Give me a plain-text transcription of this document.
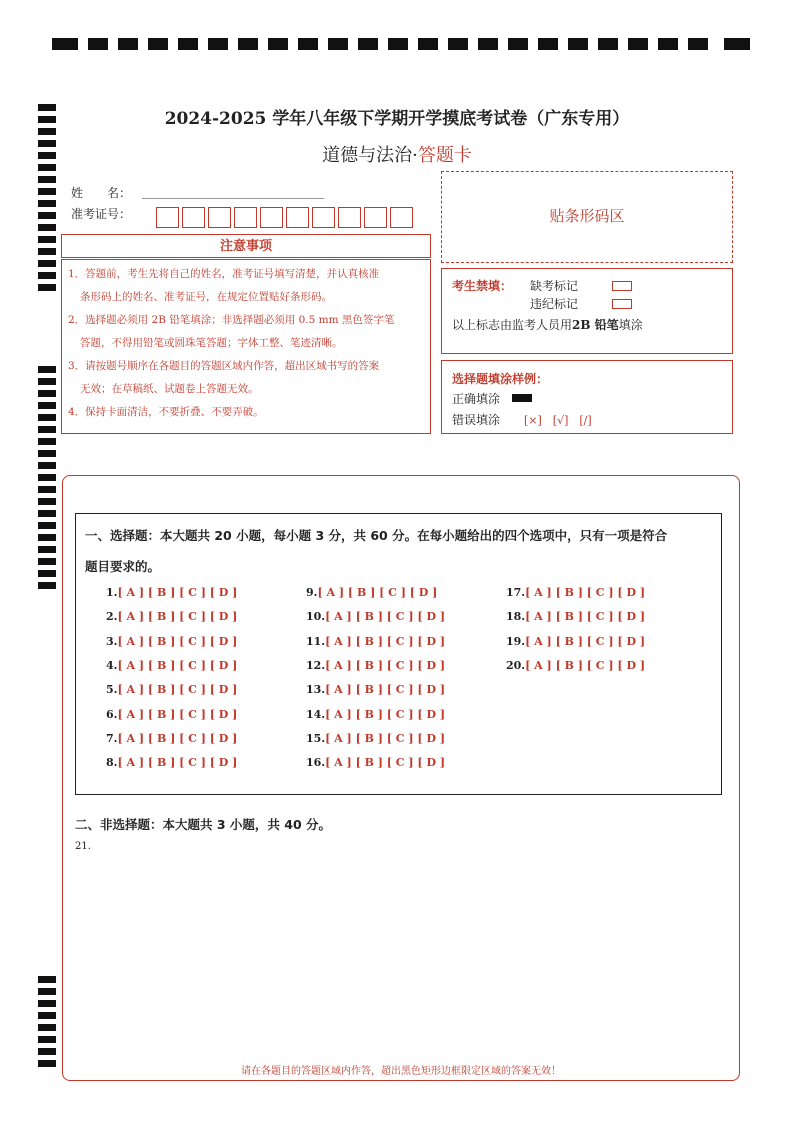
2024-2025 学年八年级下学期开学摸底考试卷（广东专用）
道德与法治·答题卡
姓　　名：
准考证号：
注意事项

1．答题前，考生先将自己的姓名，准考证号填写清楚，并认真核准

条形码上的姓名、准考证号，在规定位置贴好条形码。

2．选择题必须用 2B 铅笔填涂；非选择题必须用 0.5 mm 黑色签字笔

答题，不得用铅笔或圆珠笔答题；字体工整、笔迹清晰。

3．请按题号顺序在各题目的答题区域内作答，超出区域书写的答案

无效；在草稿纸、试题卷上答题无效。

4．保持卡面清洁，不要折叠、不要弄破。

贴条形码区
考生禁填： 缺考标记
违纪标记
以上标志由监考人员用2B 铅笔填涂
选择题填涂样例：
正确填涂
错误填涂 [×]　[√]　[/]
一、选择题：本大题共 20 小题，每小题 3 分，共 60 分。在每小题给出的四个选项中，只有一项是符合
题目要求的。
1.[ A ] [ B ] [ C ] [ D ]
2.[ A ] [ B ] [ C ] [ D ]
3.[ A ] [ B ] [ C ] [ D ]
4.[ A ] [ B ] [ C ] [ D ]
5.[ A ] [ B ] [ C ] [ D ]
6.[ A ] [ B ] [ C ] [ D ]
7.[ A ] [ B ] [ C ] [ D ]
8.[ A ] [ B ] [ C ] [ D ]
9.[ A ] [ B ] [ C ] [ D ]
10.[ A ] [ B ] [ C ] [ D ]
11.[ A ] [ B ] [ C ] [ D ]
12.[ A ] [ B ] [ C ] [ D ]
13.[ A ] [ B ] [ C ] [ D ]
14.[ A ] [ B ] [ C ] [ D ]
15.[ A ] [ B ] [ C ] [ D ]
16.[ A ] [ B ] [ C ] [ D ]
17.[ A ] [ B ] [ C ] [ D ]
18.[ A ] [ B ] [ C ] [ D ]
19.[ A ] [ B ] [ C ] [ D ]
20.[ A ] [ B ] [ C ] [ D ]
二、非选择题：本大题共 3 小题，共 40 分。
21.
请在各题目的答题区域内作答，超出黑色矩形边框限定区域的答案无效！
